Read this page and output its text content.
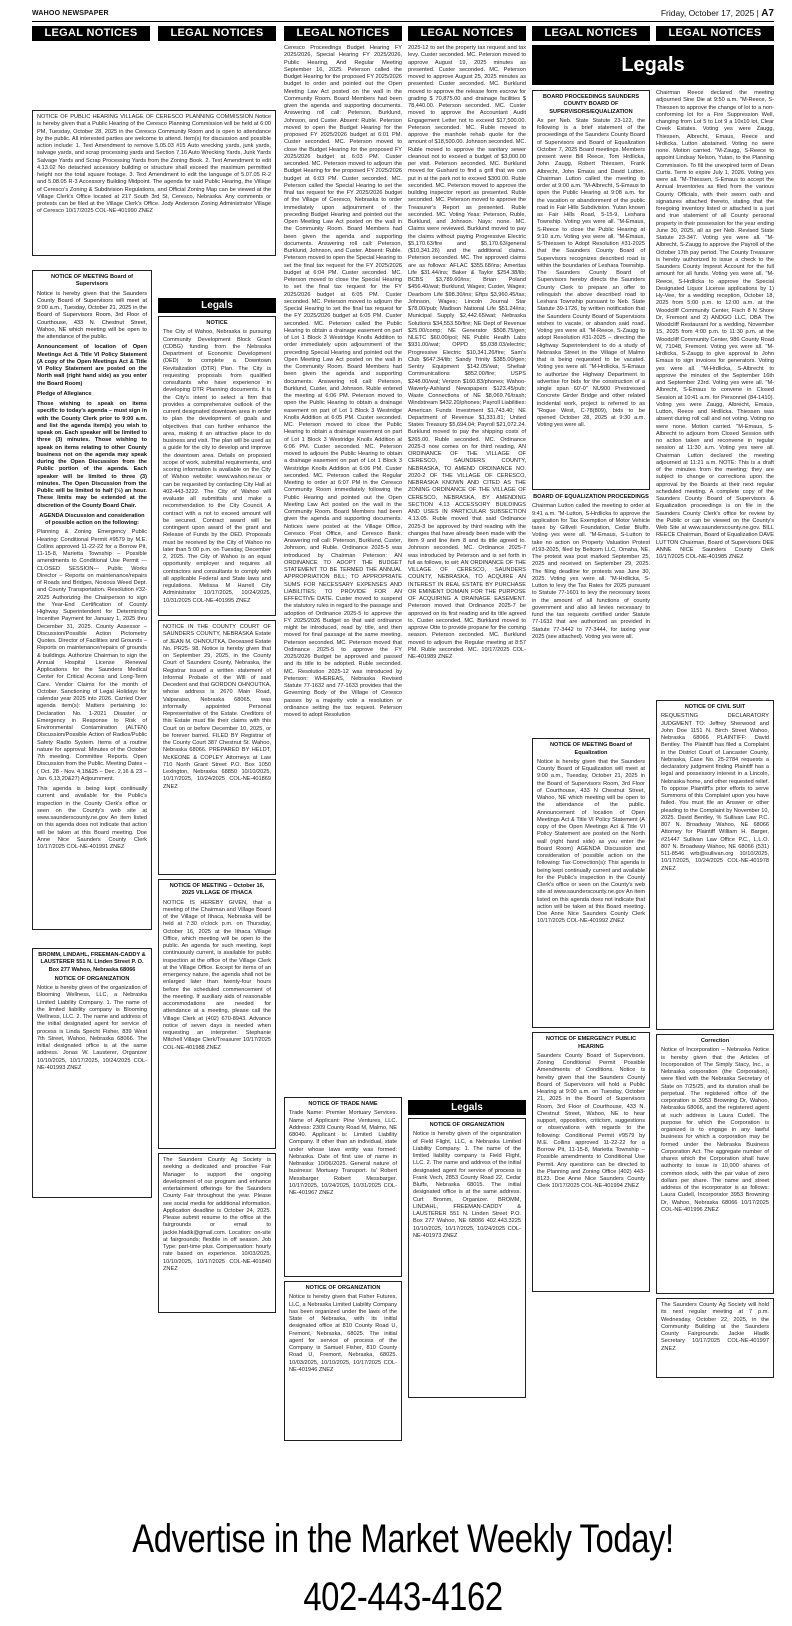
WAHOO NEWSPAPER	Friday, October 17, 2025 | A7
LEGAL NOTICES	LEGAL NOTICES	LEGAL NOTICES	LEGAL NOTICES	LEGAL NOTICES	LEGAL NOTICES
NOTICE OF PUBLIC HEARING VILLAGE OF CERESCO PLANNING COMMISSION Notice is hereby given that a Public Hearing of the Ceresco Planning Commission will be held at 6:00 PM, Tuesday, October 28, 2025 in the Ceresco Community Room and is open to attendance by the public. All interested parties are welcome to attend. Item(s) for discussion and possible action include: 1. Text Amendment to remove 5.05.03 #15 Auto wrecking yards, junk yards, salvage yards, and scrap processing yards and Section 7.16 Auto Wrecking Yards, Junk Yards Salvage Yards and Scrap Processing Yards from the Zoning Book. 2. Text Amendment to edit 4.13.02 No detached accessory building or structure shall exceed the maximum permitted height nor the total square footage. 3. Text Amendment to edit the language of 5.07.05 R-2 and 5.08.05 R-3 Accessory Building Midpoint. The agenda for said Public Hearing, the Village of Ceresco's Zoning & Subdivision Regulations, and Official Zoning Map can be viewed at the Village Clerk's Office located at 217 South 3rd St, Ceresco, Nebraska. Any comments or protests can be filed at the Village Clerk's Office. Jody Anderson Zoning Administrator Village of Ceresco 10/17/2025 COL-NE-401990 ZNEZ
NOTICE OF MEETING Board of Supervisors
Notice is hereby given that the Saunders County Board of Supervisors will meet at 9:00 a.m., Tuesday, October 21, 2025 in the Board of Supervisors Room, 3rd Floor of Courthouse, 433 N. Chestnut Street, Wahoo, NE which meeting will be open to the attendance of the public.
Announcement of location of Open Meetings Act & Title VI Policy Statement (A copy of the Open Meetings Act & Title VI Policy Statement are posted on the North wall (right hand side) as you enter the Board Room)
Pledge of Allegiance
Those wishing to speak on items specific to today's agenda – must sign in with the County Clerk prior to 9:00 a.m. and list the agenda item(s) you wish to speak on. Each speaker will be limited to three (3) minutes. Those wishing to speak on items relating to other County business not on the agenda may speak during the Open Discussion from the Public portion of the agenda. Each speaker will be limited to three (3) minutes. The Open Discussion from the Public will be limited to half (½) an hour. These limits may be extended at the discretion of the County Board Chair.
AGENDA Discussion and consideration of possible action on the following:
Planning & Zoning Emergency Public Hearing: Conditional Permit #9579 by M.E. Collins approved 11-22-22 for a Borrow Pit, 11-15-8, Marietta Township – Possible amendments to Conditional Use Permit ---CLOSED SESSION--- Public Works Director – Reports on maintenance/repairs of Roads and Bridges, Noxious Weed Dept. and County Transportation. Resolution #32-2025 Authorizing the Chairperson to sign the Year-End Certification of County Highway Superintendent for Determining Incentive Payment for January 1, 2025 thru December 31, 2025. County Assessor – Discussion/Possible Action Pictometry Quotes. Director of Facilities and Grounds – Reports on maintenance/repairs of grounds & buildings. Authorize Chairman to sign the Annual Hospital License Renewal Applications for the Saunders Medical Center for Critical Access and Long-Term Care. Vendor Claims for the month of October. Sanctioning of Legal Holidays for calendar year 2025 into 2026. Carried Over agenda item(s): Matters pertaining to: Declaration No. 1-2021 Disaster or Emergency in Response to Risk of Environmental Contamination (ALTEN) Discussion/Possible Action of Radios/Public Safety Radio System. Items of a routine nature for approval: Minutes of the October 7th meeting. Committee Reports. Open Discussion from the Public. Meeting Dates – ( Oct. 28 - Nov. 4,18&25 – Dec. 2,16 & 23 – Jan. 6,13,20&27) Adjournment.
This agenda is being kept continually current and available for the Public's inspection in the County Clerk's office or seen on the County's web site at www.saunderscounty.ne.gov An item listed on this agenda does not indicate that action will be taken at this Board meeting. Doe Anne Nice Saunders County Clerk 10/17/2025 COL-NE-401991 ZNEZ
BROMM, LINDAHL, FREEMAN-CADDY & LAUSTERER 551 N. Linden Street P. O. Box 277 Wahoo, Nebraska 68066
NOTICE OF ORGANIZATION
Notice is hereby given of the organization of Blooming Wellness, LLC, a Nebraska Limited Liability Company. 1. The name of the limited liability company is Blooming Wellness, LLC. 2. The name and address of the initial designated agent for service of process is Linda Specht Fisher, 839 West 7th Street, Wahoo, Nebraska 68066. The initial designated office is at the same address. Jonas W. Lausterer, Organizer 10/10/2025, 10/17/2025, 10/24/2025 COL-NE-401993 ZNEZ
Legals
NOTICE
The City of Wahoo, Nebraska is pursuing Community Development Block Grant (CDBG) funding from the Nebraska Department of Economic Development (DED) to complete a Downtown Revitalization (DTR) Plan. The City is requesting proposals from qualified consultants who have experience in developing DTR Planning documents. It is the City's intent to select a firm that provides a comprehensive outlook of the current designated downtown area in order to plan the development of goals and objectives that can further enhance the area, making it an attractive place to do business and visit. The plan will be used as a guide for the city to develop and improve the downtown area. Details on proposed scope of work, submittal requirements, and scoring information is available on the City of Wahoo website: www.wahoo.ne.us or can be requested by contacting City Hall at 402-443-3222. The City of Wahoo will evaluate all submittals and make a recommendation to the City Council. A contract with a not to exceed amount will be secured. Contract award will be contingent upon award of the grant and Release of Funds by the DED. Proposals must be received by the City of Wahoo no later than 5:00 p.m. on Tuesday, December 2, 2025. The City of Wahoo is an equal opportunity employer and requires all contractors and consultants to comply with all applicable Federal and State laws and regulations. Melissa M Harrell City Administrator 10/17/2025, 10/24/2025, 10/31/2025 COL-NE-401995 ZNEZ
NOTICE IN THE COUNTY COURT OF SAUNDERS COUNTY, NEBRASKA Estate of JEAN M. OHNOUTKA, Deceased Estate No. PR25- 98. Notice is hereby given that on September 29, 2025, in the County Court of Saunders County, Nebraska, the Registrar issued a written statement of Informal Probate of the Will of said Decedent and that GORDON OHNOUTKA, whose address is 2670 Main Road, Valparaiso, Nebraska 68065, was informally appointed Personal Representative of the Estate. Creditors of this Estate must file their claims with this Court on or before December 10, 2025, or be forever barred. FILED BY Registrar of the County Court 387 Chestnut St. Wahoo, Nebraska 68066. PREPARED BY HELDT, McKEONE & COPLEY Attorneys at Law 710 North Grant Street P.O. Box 1050 Lexington, Nebraska 68850 10/10/2025, 10/17/2025, 10/24/2025 COL-NE-401869 ZNEZ
NOTICE OF MEETING – October 16, 2025 VILLAGE OF ITHACA
NOTICE IS HEREBY GIVEN, that a meeting of the Chairman and Village Board of the Village of Ithaca, Nebraska will be held at 7:30 o'clock p.m. on Thursday, October 16, 2025 at the Ithaca Village Office, which meeting will be open to the public. An agenda for such meeting, kept continuously current, is available for public inspection at the office of the Village Clerk at the Village Office. Except for items of an emergency nature, the agenda shall not be enlarged later than twenty-four hours before the scheduled commencement of the meeting. If auxiliary aids of reasonable accommodations are needed for attendance at a meeting, please call the Village Clerk at (402) 670-8943. Advance notice of seven days is needed when requesting an interpreter. Stephanie Mitchell Village Clerk/Treasurer 10/17/2025 COL-NE-401988 ZNEZ
The Saunders County Ag Society is seeking a dedicated and proactive Fair Manager to support the ongoing development of our program and enhance entertainment offerings for the Saunders County Fair throughout the year. Please see social media for additional information. Application deadline is October 24, 2025. Please submit resume to the office at the fairgrounds or email to jackie.hladik@gmail.com. Location: on-site at fairgrounds; flexible in off season. Job Type: part-time plus. Compensation: hourly rate based on experience. 10/03/2025, 10/10/2025, 10/17/2025 COL-NE-401840 ZNEZ
Ceresco Proceedings Budget Hearing FY 2025/2026, Special Hearing FY 2025/2026, Public Hearing, And Regular Meeting September 16, 2025. Peterson called the Budget Hearing for the proposed FY 2025/2026 budget to order and pointed out the Open Meeting Law Act posted on the wall in the Community Room. Board Members had been given the agenda and supporting documents. Answering roll call: Peterson, Burklund, Johnson, and Custer. Absent: Ruble. Peterson moved to open the Budget Hearing for the proposed FY 2025/2026 budget at 6:01 PM. Custer seconded. MC. Peterson moved to close the Budget Hearing for the proposed FY 2025/2026 budget at 6:03 PM. Custer seconded. MC. Peterson moved to adjourn the Budget Hearing for the proposed FY 2025/2026 budget at 6:03 PM. Custer seconded. MC. Peterson called the Special Hearing to set the final tax request for the FY 2025/2026 budget of the Village of Ceresco, Nebraska to order immediately upon adjournment of the preceding Budget Hearing and pointed out the Open Meeting Law Act posted on the wall in the Community Room. Board Members had been given the agenda and supporting documents. Answering roll call: Peterson, Burklund, Johnson, and Custer. Absent: Ruble. Peterson moved to open the Special Hearing to set the final tax request for the FY 2025/2026 budget at 6:04 PM. Custer seconded. MC. Peterson moved to close the Special Hearing to set the final tax request for the FY 2025/2026 budget at 6:05 PM. Custer seconded. MC. Peterson moved to adjourn the Special Hearing to set the final tax request for the FY 2025/2026 budget at 6:05 PM. Custer seconded. MC. Peterson called the Public Hearing to obtain a drainage easement on part of Lot 1 Block 3 Westridge Knolls Addition to order immediately upon adjournment of the preceding Special Hearing and pointed out the Open Meeting Law Act posted on the wall in the Community Room. Board Members had been given the agenda and supporting documents. Answering roll call: Peterson, Burklund, Custer, and Johnson. Ruble entered the meeting at 6:06 PM. Peterson moved to open the Public Hearing to obtain a drainage easement on part of Lot 1 Block 3 Westridge Knolls Addition at 6:05 PM. Custer seconded. MC. Peterson moved to close the Public Hearing to obtain a drainage easement on part of Lot 1 Block 3 Westridge Knolls Addition at 6:06 PM. Custer seconded. MC. Peterson moved to adjourn the Public Hearing to obtain a drainage easement on part of Lot 1 Block 3 Westridge Knolls Addition at 6:06 PM. Custer seconded. MC. Peterson called the Regular Meeting to order at 6:07 PM in the Ceresco Community Room immediately following the Public Hearing and pointed out the Open Meeting Law Act posted on the wall in the Community Room. Board Members had been given the agenda and supporting documents. Notices were posted at the Village Office, Ceresco Post Office, and Ceresco Bank. Answering roll call: Peterson, Burklund, Custer, Johnson, and Ruble. Ordinance 2025-5 was introduced by Chairman Peterson: AN ORDINANCE TO ADOPT THE BUDGET STATEMENT TO BE TERMED THE ANNUAL APPROPRIATION BILL; TO APPROPRIATE SUMS FOR NECESSARY EXPENSES AND LIABILITIES; TO PROVIDE FOR AN EFFECTIVE DATE. Custer moved to suspend the statutory rules in regard to the passage and adoption of Ordinance 2025-5 to approve the FY 2025/2026 Budget so that said ordinance might be introduced, read by title, and then moved for final passage at the same meeting. Peterson seconded. MC. Peterson moved that Ordinance 2025-5 to approve the FY 2025/2026 Budget be approved and passed and its title to be adopted. Ruble seconded. MC. Resolution 2025-12 was introduced by Peterson: WHEREAS, Nebraska Revised Statute 77-1632 and 77-1633 provides that the Governing Body of the Village of Ceresco passes by a majority vote a resolution or ordinance setting the tax request. Peterson moved to adopt Resolution
NOTICE OF TRADE NAME
Trade Name: Premier Mortuary Services. Name of Applicant: Pine Ventures, LLC. Address: 2309 County Road M, Malmo, NE 68040. Applicant is: Limited Liability Company. If other than an individual, state under whose laws entity was formed: Nebraska. Date of first use of name in Nebraska: 10/06/2025. General nature of business: Mortuary Transport. /s/ Robert Messbarger Robert Messbarger. 10/17/2025, 10/24/2025, 10/31/2025 COL-NE-401967 ZNEZ
NOTICE OF ORGANIZATION
Notice is hereby given that Fisher Futures, LLC, a Nebraska Limited Liability Company has been organized under the laws of the State of Nebraska, with its initial designated office at 810 County Road U, Fremont, Nebraska, 68025. The initial agent for service of process of the Company is Samuel Fisher, 810 County Road U, Fremont, Nebraska, 68025. 10/03/2025, 10/10/2025, 10/17/2025 COL-NE-401946 ZNEZ
2025-12 to set the property tax request and tax levy. Custer seconded. MC. Peterson moved to approve August 19, 2025 minutes as presented. Custer seconded. MC. Peterson moved to approve August 25, 2025 minutes as presented. Custer seconded. MC. Burklund moved to approve the release form escrow for grading $ 70,875.00 and drainage facilities $ 78,440.00. Peterson seconded. MC. Custer moved to approve the Accountant Audit Engagement Letter not to exceed $17,500.00. Peterson seconded. MC. Ruble moved to approve the manhole rehab quote for the amount of $18,500.00. Johnson seconded. MC. Ruble moved to approve the sanitary sewer cleanout not to exceed a budget of $3,000.00 per visit. Peterson seconded. MC. Burklund moved for Gushard to find a grill that we can put in at the park not to exceed $300.00. Ruble seconded. MC. Peterson moved to approve the building inspector report as presented. Ruble seconded. MC. Peterson moved to approve the Treasurer's Report as presented. Ruble seconded. MC. Voting Yeas: Peterson, Ruble, Burklund, and Johnson. Nays: none. MC. Claims were reviewed. Burklund moved to pay the claims without paying Progressive Electric $5,170.63/fire and $5,170.63/general ($10,341.26) and the additional claims. Peterson seconded. MC. The approved claims are as follows: AFLAC $355.68/ins; Ameritas Life $31.44/ins; Baker & Taylor $254.38/lib; BCBS $3,789.60/ins; Brian Poland $456.40/wat; Burklund, Wages; Custer, Wages; Dearborn Life $98.30/ins; Eftps $3,960.45/tax; Johnson, Wages; Lincoln Journal Star $78.00/pub; Madison National Life $51.24/ins; Municipal Supply $2,442.65/wat; Nebraska Solutions $34,553.50/fire; NE Dept of Revenue $25.00/comp; NE Generator $508.75/gen; NLETC $60.00/pol; NE Public Health Labs $931.00/wat; OPPD $5,038.03/electric; Progressive Electric $10,341.26/fire; Sam's Club $647.34/lib; Sandy Trinity $385.00/gen; Sentry Equipment $142.05/wat; Sheltair Communications $852.00/fire; USPS $248.00/wat; Verizon $160.83/phones; Wahoo-Waverly-Ashland Newspapers $123.45/pub; Waste Connections of NE $8,069.76/trash; Windstream $432.20/phones; Payroll Liabilities: American Funds Investment $1,743.40; NE Department of Revenue $1,331.81; United States Treasury $5,694.04; Payroll $21,072.24. Burklund moved to pay the shipping costs of $265.00. Ruble seconded. MC. Ordinance 2025-3 now comes on for third reading, AN ORDINANCE OF THE VILLAGE OF CERESCO, SAUNDERS COUNTY, NEBRASKA, TO AMEND ORDINANCE NO. 2020-2 OF THE VILLAGE OF CERESCO, NEBRASKA KNOWN AND CITED AS THE ZONING ORDINANCE OF THE VILLAGE OF CERESCO, NEBRASKA, BY AMENDING SECTION 4.13 ACCESSORY BUILDINGS AND USES IN PARTICULAR SUBSECTION 4.13.05. Ruble moved that said Ordinance 2025-3 be approved by third reading with the changes that have already been made with the item 9 and line item 8 and its title agreed to. Johnson seconded. MC. Ordinance 2025-7 was introduced by Peterson and is set forth in full as follows, to wit: AN ORDINANCE OF THE VILLAGE OF CERESCO, SAUNDERS COUNTY, NEBRASKA, TO ACQUIRE AN INTEREST IN REAL ESTATE BY PURCHASE OR EMINENT DOMAIN FOR THE PURPOSE OF ACQUIRING A DRAINAGE EASEMENT. Peterson moved that Ordinance 2025-7 be approved on its first reading and its title agreed to. Custer seconded. MC. Burklund moved to approve Otte to provide propane for the coming season. Peterson seconded. MC. Burklund moved to adjourn the Regular meeting at 8:57 PM. Ruble seconded. MC. 10/17/2025 COL-NE-401989 ZNEZ
Legals
NOTICE OF ORGANIZATION
Notice is hereby given of the organization of Field Flight, LLC, a Nebraska Limited Liability Company. 1. The name of the limited liability company is Field Flight, LLC. 2. The name and address of the initial designated agent for service of process is Frank Vech, 2853 County Road 22, Cedar Bluffs, Nebraska 68015. The initial designated office is at the same address. Curt Bromm, Organizer. BROMM, LINDAHL, FREEMAN-CADDY & LAUSTERER 551 N. Linden Street P.O. Box 277 Wahoo, NE 68066 402.443.3225 10/10/2025, 10/17/2025, 10/24/2025 COL-NE-401973 ZNEZ
Legals
BOARD PROCEEDINGS SAUNDERS COUNTY BOARD OF SUPERVISORS/EQUALIZATION
As per Neb. State Statute 23-122, the following is a brief statement of the proceedings of the Saunders County Board of Supervisors and Board of Equalization October 7, 2025 Board meetings. Members present were Bill Reece, Tom Hrdlicka, John Zaugg, Robert Thiessen, Frank Albrecht, John Emaus and David Lutton. Chairman Lutton called the meeting to order at 9:00 a.m. "M-Albrecht, S-Emaus to open the Public Hearing at 9:08 a.m. for the vacation or abandonment of the public road in Fair Hills Subdivision. Yutan known as Fair Hills Road, 5-15-9, Leshara Township. Voting yes were all. "M-Emaus, S-Reece to close the Public Hearing at 9:10 a.m. Voting yes were all. "M-Emaus, S-Thiessen to Adopt Resolution #31-2025 that the Saunders County Board of Supervisors recognizes described road is within the boundaries of Leshara Township. The Saunders County Board of Supervisors hereby directs the Saunders County Clerk to prepare an offer to relinquish the above described road to Leshara Township pursuant to Neb. State Statute 39-1726, by written notification that the Saunders County Board of Supervisors wishes to vacate, or abandon said road. Voting yes were all. "M-Reece, S-Zaugg to adopt Resolution #31-2025 – directing the Highway Superintendent to do a study of Nebraska Street in the Village of Malmo that is being requested to be vacated. Voting yes were all. "M-Hrdlicka, S-Emaus to authorize the Highway Department to advertise for bids for the construction of a single span 60'-0" NU900 Prestressed Concrete Girder Bridge and other related incidental work, project is referred to as "Rogue West, C-78(809), bids to be opened October 28, 2025 at 9:30 a.m. Voting yes were all.
BOARD OF EQUALIZATION PROCEEDINGS
Chairman Lutton called the meeting to order at 9:41 a.m. "M-Lutton, S-Hrdlicka to approve the application for Tax Exemption of Motor Vehicle taxes by Gillveli Foundation, Cedar Bluffs. Voting yes were all. "M-Emaus, S-Lutton to take no action on Property Valuation Protest #193-2025, filed by Beltcom LLC, Omaha, NE. The protest was post marked September 25, 2025 and received on September 29, 2025. The filing deadline for protests was June 30, 2025. Voting yes were all. "M-Hrdlicka, S-Lutton to levy the Tax Rates for 2025 pursuant to Statute 77-1601 to levy the necessary taxes in the amount of all functions of county government and also all levies necessary to fund the tax requests certified under Statute 77-1632 that are authorized as provided in Statute 77-3442 to 77-3444, for taxing year 2025 (see attached). Voting yes were all.
NOTICE OF MEETING Board of Equalization
Notice is hereby given that the Saunders County Board of Equalization will meet at 9:00 a.m., Tuesday, October 21, 2025 in the Board of Supervisors Room, 3rd Floor of Courthouse, 433 N Chestnut Street, Wahoo, NE which meeting will be open to the attendance of the public. Announcement of location of Open Meetings Act & Title VI Policy Statement (A copy of the Open Meetings Act & Title VI Policy Statement are posted on the North wall (right hand side) as you enter the Board Room) AGENDA Discussion and consideration of possible action on the following: Tax Correction(s): This agenda is being kept continually current and available for the Public's inspection in the County Clerk's office or seen on the County's web site at www.saunderscounty.ne.gov An item listed on this agenda does not indicate that action will be taken at this Board meeting. Doe Anne Nice Saunders County Clerk 10/17/2025 COL-NE-401992 ZNEZ
NOTICE OF EMERGENCY PUBLIC HEARING
Saunders County Board of Supervisors. Zoning Conditional Permit Possible Amendments of Conditions. Notice is hereby given that the Saunders County Board of Supervisors will hold a Public Hearing at 9:00 a.m. on Tuesday, October 21, 2025 in the Board of Supervisors Room, 3rd Floor of Courthouse, 433 N. Chestnut Street, Wahoo, NE to hear support, opposition, criticism, suggestions or observations with regards to the following: Conditional Permit #9579 by M.E. Collins approved 11-22-22 for a Borrow Pit, 11-15-8, Marietta Township – Possible amendments to Conditional Use Permit. Any questions can be directed to the Planning and Zoning Office (402) 443-8123. Doe Anne Nice Saunders County Clerk 10/17/2025 COL-NE-401994 ZNEZ
Chairman Reece declared the meeting adjourned Sine Die at 9:50 a.m. "M-Reece, S-Thiessen to approve the change of lot to a non-conforming lot for a Fire Suppression Well, changing from Lot 5 to Lot 9 a 10x10 lot, Clear Creek Estates. Voting yes were Zaugg, Thiessen, Albrecht, Emaus, Reece and Hrdlicka. Lutton abstained. Voting no were none. Motion carried. "M-Zaugg, S-Reece to appoint Lindsay Nelson, Yutan, to the Planning Commission. To fill the unexpired term of Dean Curtis. Term to expire July 1, 2026. Voting yes were all. "M-Thiessen, S-Emaus to accept the Annual Inventories as filed from the various County Officials, with their sworn oath and signatures attached thereto, stating that the foregoing inventory listed or attached is a just and true statement of all County personal property in their possession for the year ending June 30, 2025, all as per Neb. Revised State Statute 23-347. Voting yes were all. "M-Albrecht, S-Zaugg to approve the Payroll of the October 17th pay period. The County Treasurer is hereby authorized to issue a check to the Saunders County Imprest Account for the full amount for all funds. Voting yes were all. "M-Reece, S-Hrdlicka to approve the Special Designated Liquor License applications by 1) Hy-Vee, for a wedding reception, October 18, 2025 from 5:00 p.m. to 12:00 a.m. at the Woodcliff Community Center, Fisch 8 N Shore Dr, Fremont and 2) ANDGO LLC, DBA The Woodcliff Restaurant for a wedding, November 15, 2025 from 4:00 p.m. to 11:30 p.m. at the Woodcliff Community Center, 986 County Road W, 71048, Fremont. Voting yes were all. "M-Hrdlicka, S-Zaugg to give approval to John Emaus to sign invoices for generators. Voting yes were all. "M-Hrdlicka, S-Albrecht to approve the minutes of the September 16th and September 23rd. Voting yes were all. "M-Albrecht, S-Emaus to convene in Closed Session at 10:41 a.m. for Personnel (84-1410). Voting yes were Zaugg, Albrecht, Emaus, Lutton, Reece and Hrdlicka. Thiessen was absent during roll call and not voting. Voting no were none. Motion carried. "M-Emaus, S-Albrecht to adjourn from Closed Session with no action taken and reconvene in regular session at 11:30 a.m. Voting yes were all. Chairman Lutton declared the meeting adjourned at 11:21 a.m. NOTE: This is a draft of the minutes from the meeting; they are subject to change or corrections upon the approval by the Boards at their next regular scheduled meeting. A complete copy of the Saunders County Board of Supervisors & Equalization proceedings is on file in the Saunders County Clerk's office for review by the Public or can be viewed on the County's Web Site at www.saunderscounty.ne.gov. BILL REECE Chairman, Board of Equalization DAVE LUTTON Chairman, Board of Supervisors DEE ANNE NICE Saunders County Clerk 10/17/2025 COL-NE-401985 ZNEZ
NOTICE OF CIVIL SUIT
REQUESTING DECLARATORY JUDGMENT TO: Jeffrey Sherwood and John Doe 1151 N. Birch Street Wahoo, Nebraska 68066 PLAINTIFF: David Bentley. The Plaintiff has filed a Complaint in the District Court of Lancaster County, Nebraska, Case No. 25-2784 requests a declaratory judgment finding Plaintiff has a legal and possessory interest in a Lincoln, Nebraska home, and other requested relief. To oppose Plaintiff's prior efforts to serve Summons of this Complaint upon you have failed. You must file an Answer or other pleading to the Complaint by November 10, 2025. David Bentley, % Sullivan Law P.C. 807 N. Broadway Wahoo, NE 68066 Attorney for Plaintiff William H. Barger, #21447 Sullivan Law Office P.C., L.L.O. 807 N. Broadway Wahoo, NE 68066 (531) 511-8546 wrb@sullivan.org 10/10/2025, 10/17/2025, 10/24/2025 COL-NE-401978 ZNEZ
Correction
Notice of Incorporation – Nebraska Notice is hereby given that the Articles of Incorporation of The Simply Stacy, Inc., a Nebraska corporation (the Corporation), were filed with the Nebraska Secretary of State on 7/25/25, and its duration shall be perpetual. The registered office of the corporation is 3953 Browning Dr, Wahoo, Nebraska 68066, and the registered agent at such address is Laura Cudell. The purpose for which the Corporation is organized is to engage in any lawful business for which a corporation may be formed under the Nebraska Business Corporation Act. The aggregate number of shares which the Corporation shall have authority to issue is 10,000 shares of common stock, with the par value of zero dollars per share. The name and street address of the incorporator is as follows: Laura Cudell, Incorporator 3953 Browning Dr, Wahoo, Nebraska 68066 10/17/2025 COL-NE-401996 ZNEZ
The Saunders County Ag Society will hold its next regular meeting at 7 p.m. Wednesday, October 22, 2025, in the Community Building at the Saunders County Fairgrounds. Jackie Hladik Secretary 10/17/2025 COL-NE-401997 ZNEZ
Advertise in the Market Weekly Today! 402-443-4162
